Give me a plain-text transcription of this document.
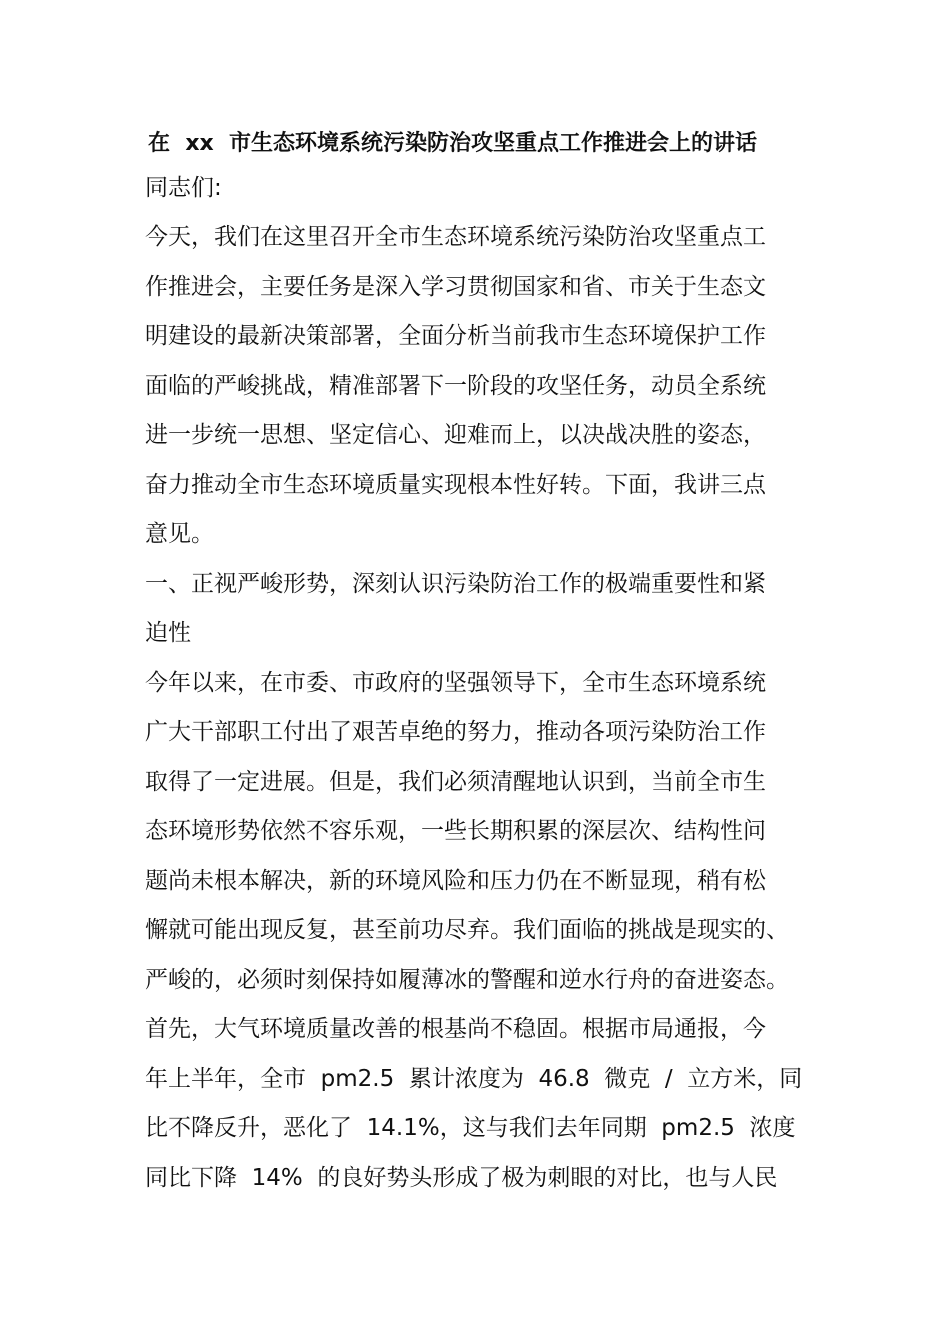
在  xx  市生态环境系统污染防治攻坚重点工作推进会上的讲话
同志们:
今天，我们在这里召开全市生态环境系统污染防治攻坚重点工
作推进会，主要任务是深入学习贯彻国家和省、市关于生态文
明建设的最新决策部署，全面分析当前我市生态环境保护工作
面临的严峻挑战，精准部署下一阶段的攻坚任务，动员全系统
进一步统一思想、坚定信心、迎难而上，以决战决胜的姿态，
奋力推动全市生态环境质量实现根本性好转。下面，我讲三点
意见。
一、正视严峻形势，深刻认识污染防治工作的极端重要性和紧
迫性
今年以来，在市委、市政府的坚强领导下，全市生态环境系统
广大干部职工付出了艰苦卓绝的努力，推动各项污染防治工作
取得了一定进展。但是，我们必须清醒地认识到，当前全市生
态环境形势依然不容乐观，一些长期积累的深层次、结构性问
题尚未根本解决，新的环境风险和压力仍在不断显现，稍有松
懈就可能出现反复，甚至前功尽弃。我们面临的挑战是现实的、
严峻的，必须时刻保持如履薄冰的警醒和逆水行舟的奋进姿态。
首先，大气环境质量改善的根基尚不稳固。根据市局通报，今
年上半年，全市  pm2.5  累计浓度为  46.8  微克  /  立方米，同
比不降反升，恶化了  14.1%，这与我们去年同期  pm2.5  浓度
同比下降  14%  的良好势头形成了极为刺眼的对比，也与人民
